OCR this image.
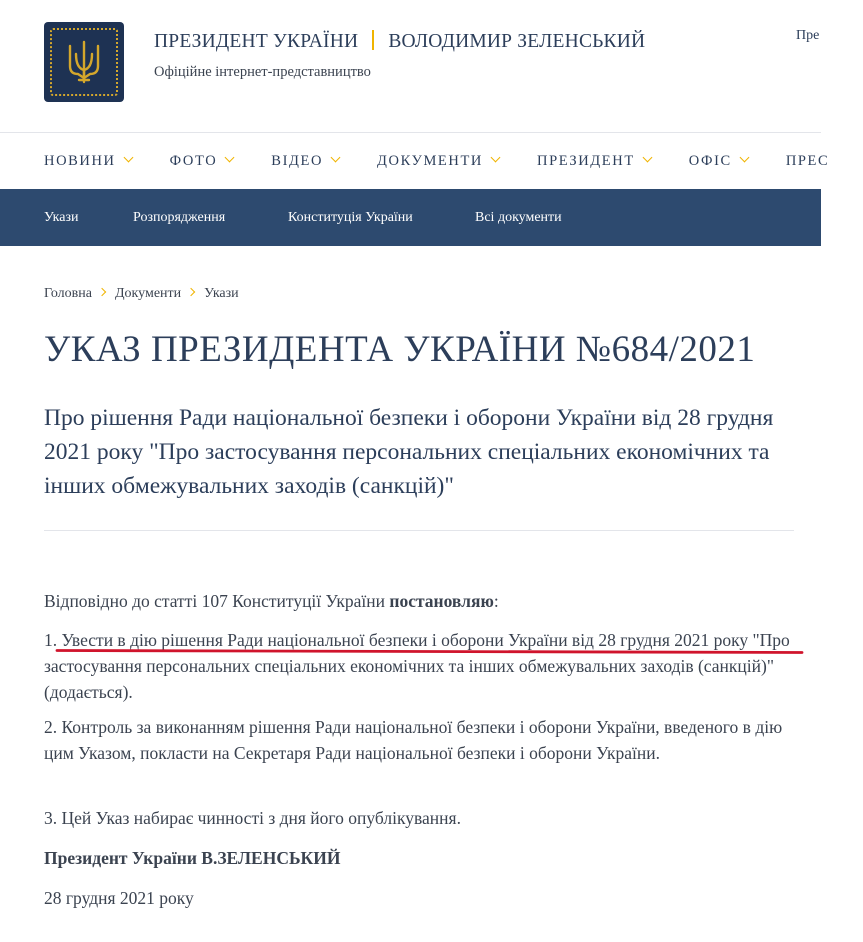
ПРЕЗИДЕНТ УКРАЇНИ ВОЛОДИМИР ЗЕЛЕНСЬКИЙ
Офіційне інтернет-представництво
Пре
НОВИНИ	ФОТО	ВІДЕО	ДОКУМЕНТИ	ПРЕЗИДЕНТ	ОФІС	ПРЕС
Укази	Розпорядження	Конституція України	Всі документи
Головна Документи Укази
УКАЗ ПРЕЗИДЕНТА УКРАЇНИ №684/2021
Про рішення Ради національної безпеки і оборони України від 28 грудня 2021 року "Про застосування персональних спеціальних економічних та інших обмежувальних заходів (санкцій)"

Відповідно до статті 107 Конституції України постановляю:

1. Увести в дію рішення Ради національної безпеки і оборони України від 28 грудня 2021 року "Про застосування персональних спеціальних економічних та інших обмежувальних заходів (санкцій)" (додається).

2. Контроль за виконанням рішення Ради національної безпеки і оборони України, введеного в дію цим Указом, покласти на Секретаря Ради національної безпеки і оборони України.

3. Цей Указ набирає чинності з дня його опублікування.

Президент України В.ЗЕЛЕНСЬКИЙ

28 грудня 2021 року
